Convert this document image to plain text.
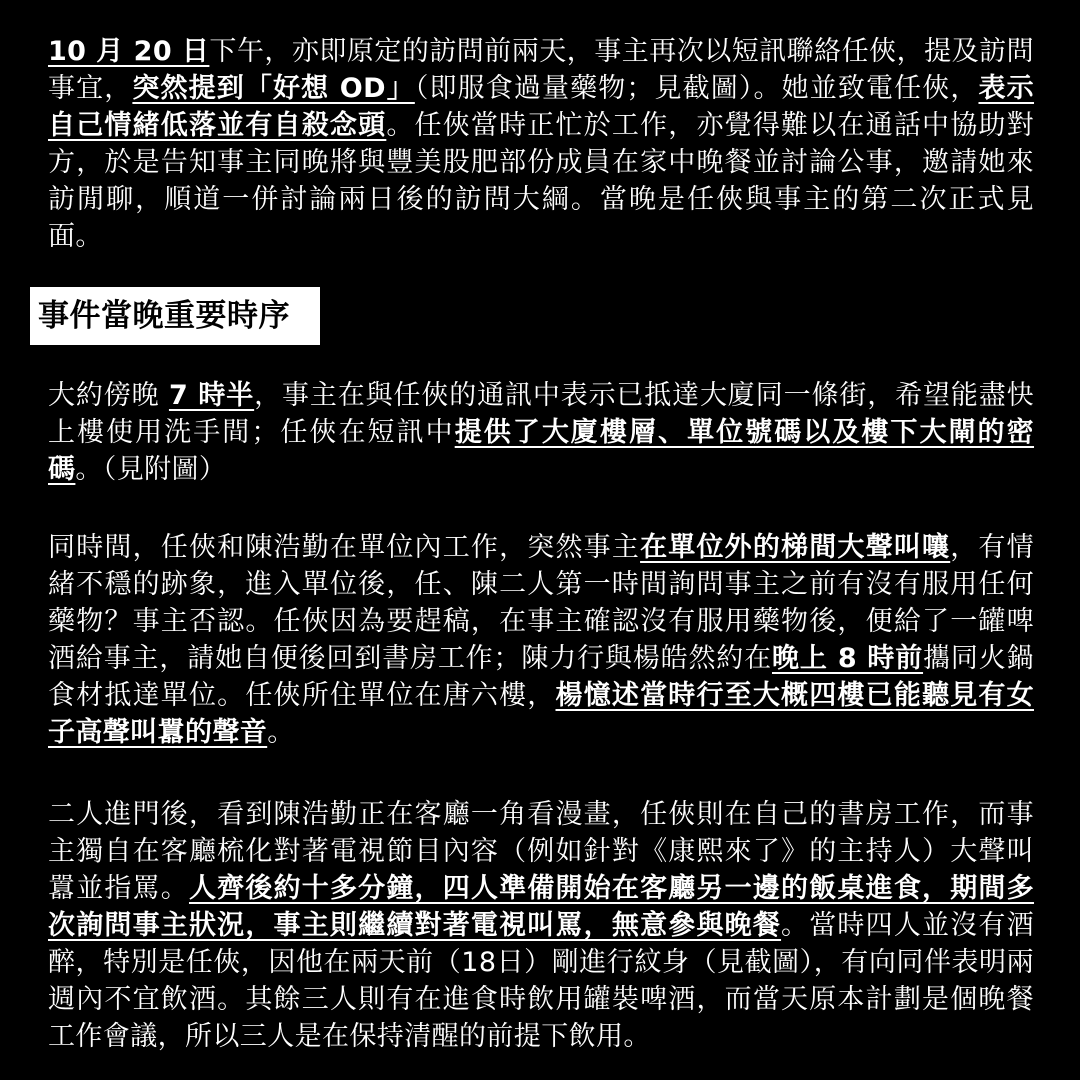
10 月 20 日下午，亦即原定的訪問前兩天，事主再次以短訊聯絡任俠，提及訪問事宜，突然提到「好想 OD」（即服食過量藥物；見截圖）。她並致電任俠，表示自己情緒低落並有自殺念頭。任俠當時正忙於工作，亦覺得難以在通話中協助對方，於是告知事主同晚將與豐美股肥部份成員在家中晚餐並討論公事，邀請她來訪閒聊，順道一併討論兩日後的訪問大綱。當晚是任俠與事主的第二次正式見面。

事件當晚重要時序

大約傍晚 7 時半，事主在與任俠的通訊中表示已抵達大廈同一條街，希望能盡快上樓使用洗手間；任俠在短訊中提供了大廈樓層、單位號碼以及樓下大閘的密碼。（見附圖）

同時間，任俠和陳浩勤在單位內工作，突然事主在單位外的梯間大聲叫嚷，有情緒不穩的跡象，進入單位後，任、陳二人第一時間詢問事主之前有沒有服用任何藥物？事主否認。任俠因為要趕稿，在事主確認沒有服用藥物後，便給了一罐啤酒給事主，請她自便後回到書房工作；陳力行與楊皓然約在晚上 8 時前攜同火鍋食材抵達單位。任俠所住單位在唐六樓，楊憶述當時行至大概四樓已能聽見有女子高聲叫囂的聲音。

二人進門後，看到陳浩勤正在客廳一角看漫畫，任俠則在自己的書房工作，而事主獨自在客廳梳化對著電視節目內容（例如針對《康熙來了》的主持人）大聲叫囂並指罵。人齊後約十多分鐘，四人準備開始在客廳另一邊的飯桌進食，期間多次詢問事主狀況，事主則繼續對著電視叫罵，無意參與晚餐。當時四人並沒有酒醉，特別是任俠，因他在兩天前（18日）剛進行紋身（見截圖），有向同伴表明兩週內不宜飲酒。其餘三人則有在進食時飲用罐裝啤酒，而當天原本計劃是個晚餐工作會議，所以三人是在保持清醒的前提下飲用。
